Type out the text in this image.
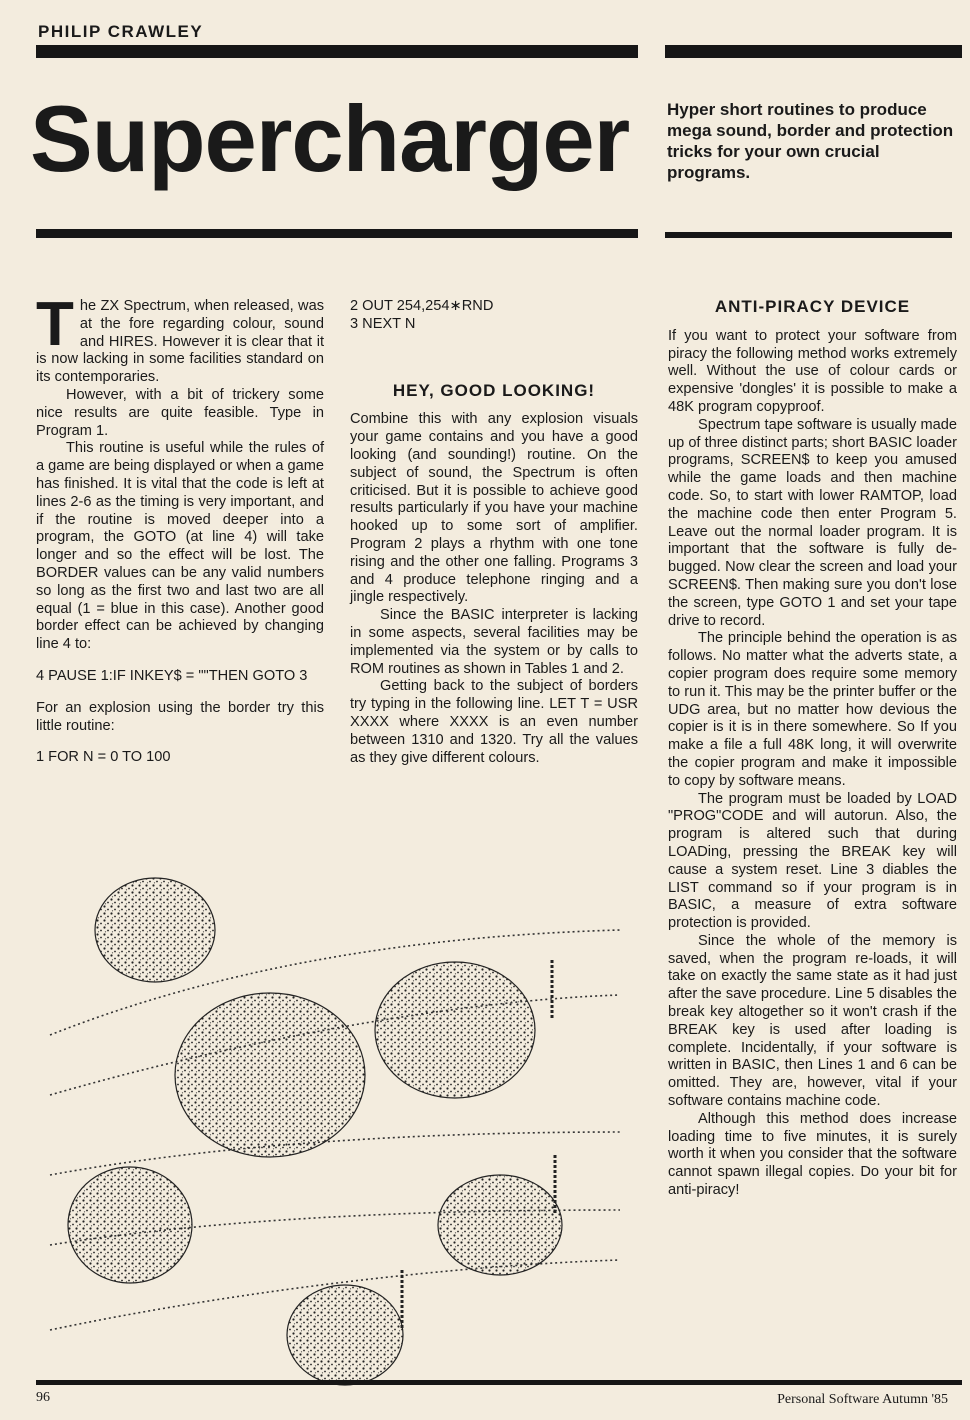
PHILIP CRAWLEY
Supercharger Hyper short routines to produce mega sound, border and protection tricks for your own crucial programs.

The ZX Spectrum, when released, was at the fore regarding colour, sound and HIRES. However it is clear that it is now lacking in some facilities standard on its contemporaries.

However, with a bit of trickery some nice results are quite feasible. Type in Program 1.

This routine is useful while the rules of a game are being displayed or when a game has finished. It is vital that the code is left at lines 2-6 as the timing is very important, and if the routine is moved deeper into a program, the GOTO (at line 4) will take longer and so the effect will be lost. The BORDER values can be any valid numbers so long as the first two and last two are all equal (1 = blue in this case). Another good border effect can be achieved by changing line 4 to:

4 PAUSE 1:IF INKEY$ = ""THEN GOTO 3

For an explosion using the border try this little routine:

1 FOR N = 0 TO 100

2 OUT 254,254∗RND

3 NEXT N

HEY, GOOD LOOKING!

Combine this with any explosion visuals your game contains and you have a good looking (and sounding!) routine. On the subject of sound, the Spectrum is often criticised. But it is possible to achieve good results particularly if you have your machine hooked up to some sort of amplifier. Program 2 plays a rhythm with one tone rising and the other one falling. Programs 3 and 4 produce telephone ringing and a jingle respectively.

Since the BASIC interpreter is lacking in some aspects, several facilities may be implemented via the system or by calls to ROM routines as shown in Tables 1 and 2.

Getting back to the subject of borders try typing in the following line. LET T = USR XXXX where XXXX is an even number between 1310 and 1320. Try all the values as they give different colours.

ANTI-PIRACY DEVICE

If you want to protect your software from piracy the following method works extremely well. Without the use of colour cards or expensive 'dongles' it is possible to make a 48K program copyproof.

Spectrum tape software is usually made up of three distinct parts; short BASIC loader programs, SCREEN$ to keep you amused while the game loads and then machine code. So, to start with lower RAMTOP, load the machine code then enter Program 5. Leave out the normal loader program. It is important that the software is fully de-bugged. Now clear the screen and load your SCREEN$. Then making sure you don't lose the screen, type GOTO 1 and set your tape drive to record.

The principle behind the operation is as follows. No matter what the adverts state, a copier program does require some memory to run it. This may be the printer buffer or the UDG area, but no matter how devious the copier is it is in there somewhere. So If you make a file a full 48K long, it will overwrite the copier program and make it impossible to copy by software means.

The program must be loaded by LOAD "PROG"CODE and will autorun. Also, the program is altered such that during LOADing, pressing the BREAK key will cause a system reset. Line 3 diables the LIST command so if your program is in BASIC, a measure of extra software protection is provided.

Since the whole of the memory is saved, when the program re-loads, it will take on exactly the same state as it had just after the save procedure. Line 5 disables the break key altogether so it won't crash if the BREAK key is used after loading is complete. Incidentally, if your software is written in BASIC, then Lines 1 and 6 can be omitted. They are, however, vital if your software contains machine code.

Although this method does increase loading time to five minutes, it is surely worth it when you consider that the software cannot spawn illegal copies. Do your bit for anti-piracy!

96	Personal Software Autumn '85
